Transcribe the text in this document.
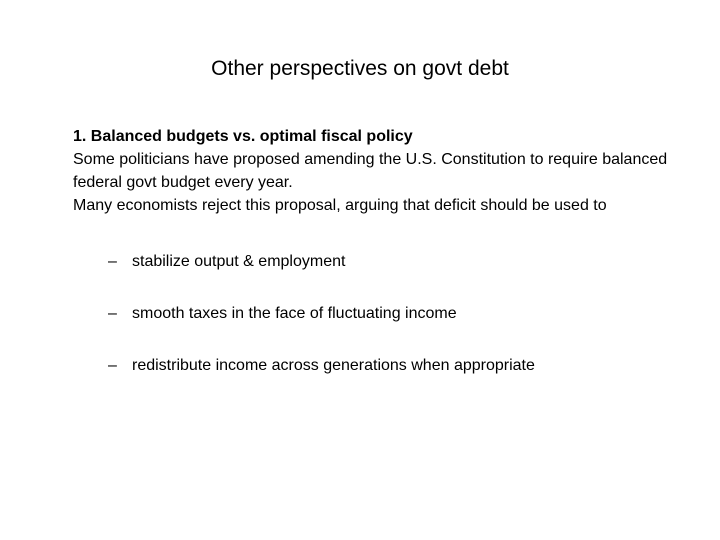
Other perspectives on govt debt
1. Balanced budgets vs. optimal fiscal policy
Some politicians have proposed amending the U.S. Constitution to require balanced federal govt budget every year.
Many economists reject this proposal, arguing that deficit should be used to
– stabilize output & employment
– smooth taxes in the face of fluctuating income
– redistribute income across generations when appropriate
